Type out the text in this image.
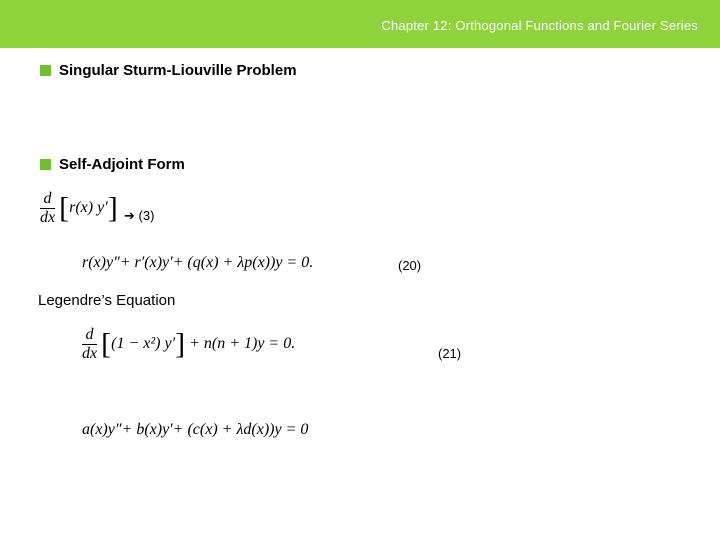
Chapter 12: Orthogonal Functions and Fourier Series
Singular Sturm-Liouville Problem
Self-Adjoint Form
$\frac{d}{dx} [r(x)$ y′] ➔ (3)
r(x)y″+ r′(x)y′+ (q(x) + λp(x))y = 0.	(20)
Legendre’s Equation
$\frac{d}{dx} [(1 - x^2) y'] + n(n + 1)y = 0$.
(21)
a(x)y″+ b(x)y′+ (c(x) + λd(x))y = 0
